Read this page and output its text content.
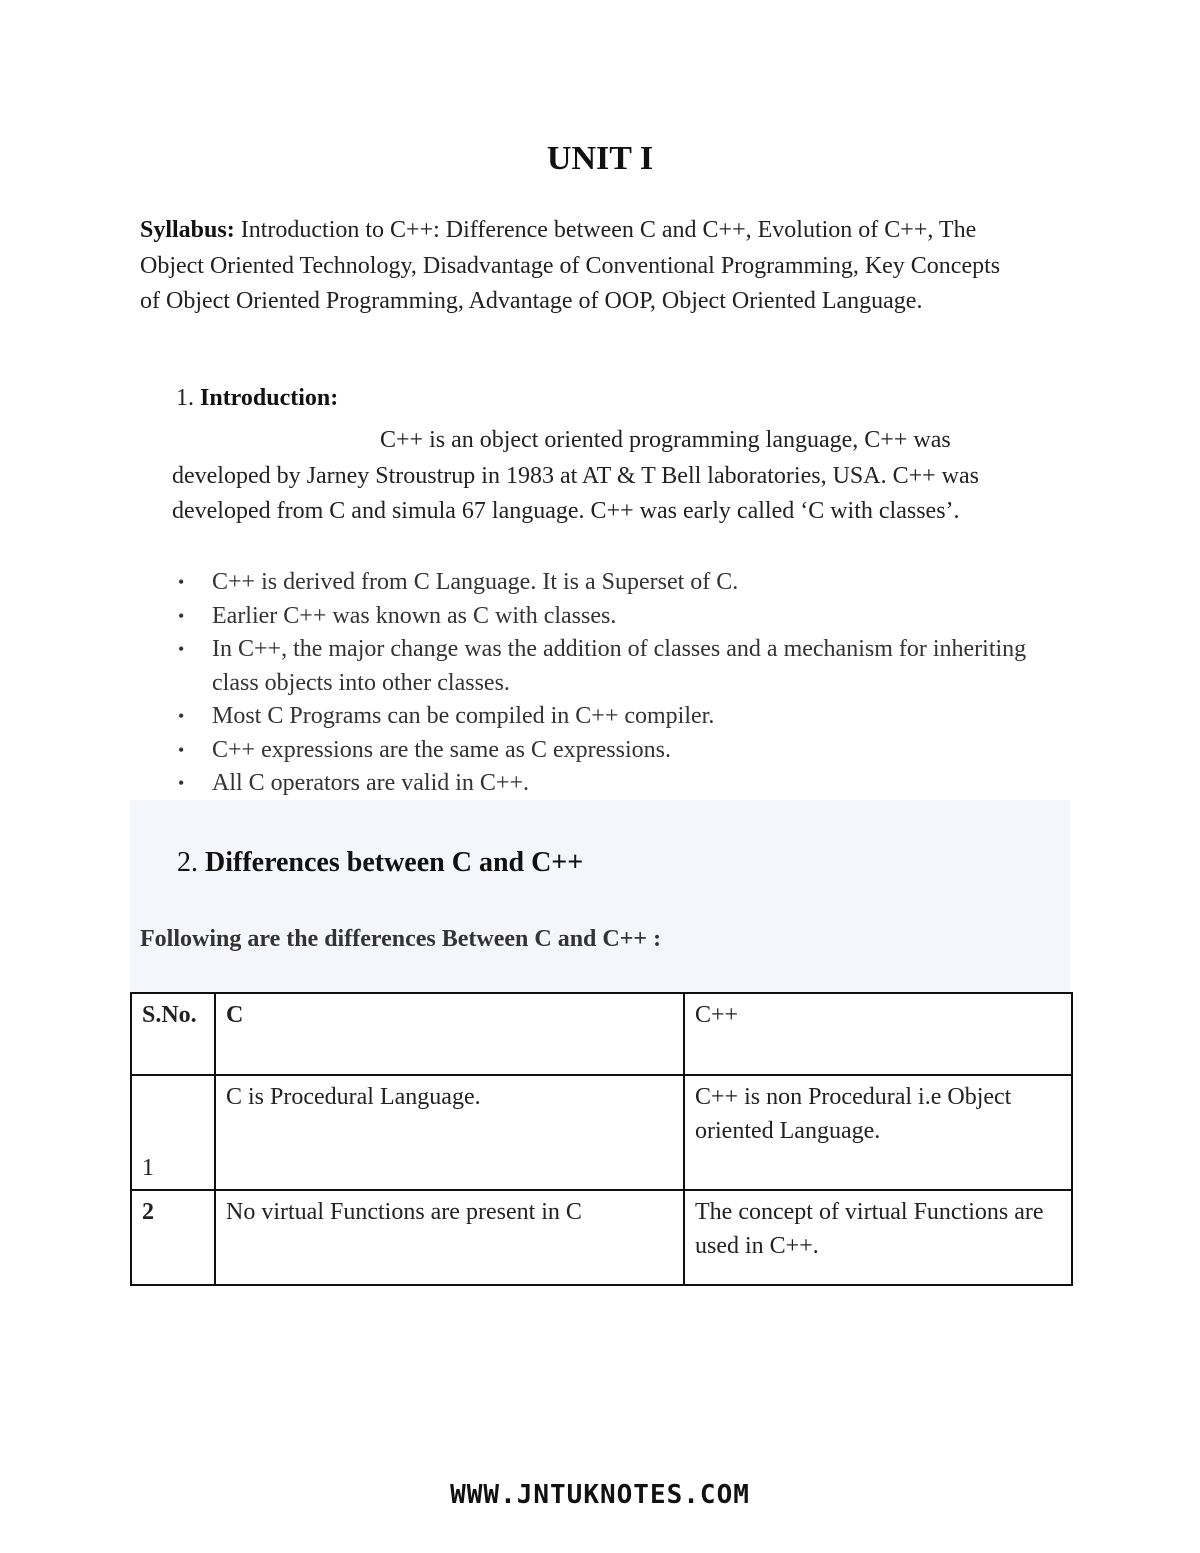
UNIT I
Syllabus: Introduction to C++: Difference between C and C++, Evolution of C++, The Object Oriented Technology, Disadvantage of Conventional Programming, Key Concepts of Object Oriented Programming, Advantage of OOP, Object Oriented Language.
1. Introduction:
C++ is an object oriented programming language, C++ was developed by Jarney Stroustrup in 1983 at AT & T Bell laboratories, USA. C++ was developed from C and simula 67 language. C++ was early called ‘C with classes’.
• C++ is derived from C Language. It is a Superset of C.
• Earlier C++ was known as C with classes.
• In C++, the major change was the addition of classes and a mechanism for inheriting class objects into other classes.
• Most C Programs can be compiled in C++ compiler.
• C++ expressions are the same as C expressions.
• All C operators are valid in C++.
2. Differences between C and C++
Following are the differences Between C and C++ :
S.No.	C	C++
1	C is Procedural Language.	C++ is non Procedural i.e Object oriented Language.
2	No virtual Functions are present in C	The concept of virtual Functions are used in C++.
WWW.JNTUKNOTES.COM
